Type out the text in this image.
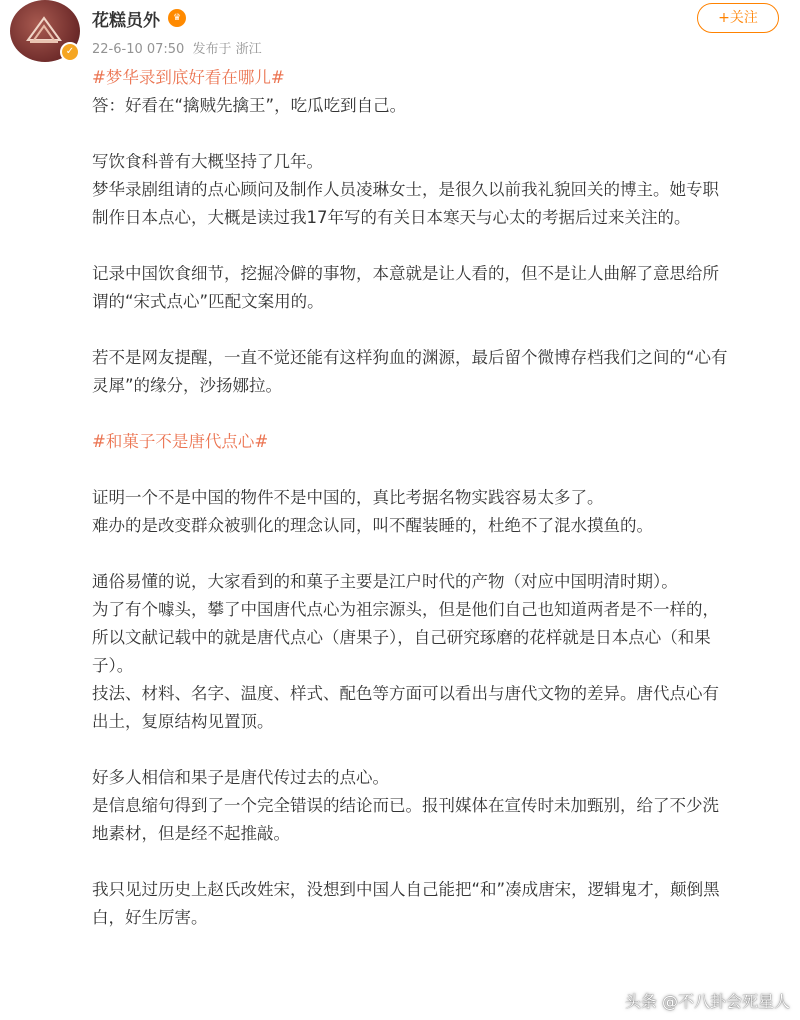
✓
花糕员外	♛
22-6-10 07:50 发布于 浙江
+关注

#梦华录到底好看在哪儿#

答：好看在“擒贼先擒王”，吃瓜吃到自己。

写饮食科普有大概坚持了几年。

梦华录剧组请的点心顾问及制作人员凌琳女士，是很久以前我礼貌回关的博主。她专职

制作日本点心，大概是读过我17年写的有关日本寒天与心太的考据后过来关注的。

记录中国饮食细节，挖掘冷僻的事物，本意就是让人看的，但不是让人曲解了意思给所

谓的“宋式点心”匹配文案用的。

若不是网友提醒，一直不觉还能有这样狗血的渊源，最后留个微博存档我们之间的“心有

灵犀”的缘分，沙扬娜拉。

#和菓子不是唐代点心#

证明一个不是中国的物件不是中国的，真比考据名物实践容易太多了。

难办的是改变群众被驯化的理念认同，叫不醒装睡的，杜绝不了混水摸鱼的。

通俗易懂的说，大家看到的和菓子主要是江户时代的产物（对应中国明清时期）。

为了有个噱头，攀了中国唐代点心为祖宗源头，但是他们自己也知道两者是不一样的，

所以文献记载中的就是唐代点心（唐果子），自己研究琢磨的花样就是日本点心（和果

子）。

技法、材料、名字、温度、样式、配色等方面可以看出与唐代文物的差异。唐代点心有

出土，复原结构见置顶。

好多人相信和果子是唐代传过去的点心。

是信息缩句得到了一个完全错误的结论而已。报刊媒体在宣传时未加甄别，给了不少洗

地素材，但是经不起推敲。

我只见过历史上赵氏改姓宋，没想到中国人自己能把“和”凑成唐宋，逻辑鬼才，颠倒黑

白，好生厉害。

头条 @不八卦会死星人
